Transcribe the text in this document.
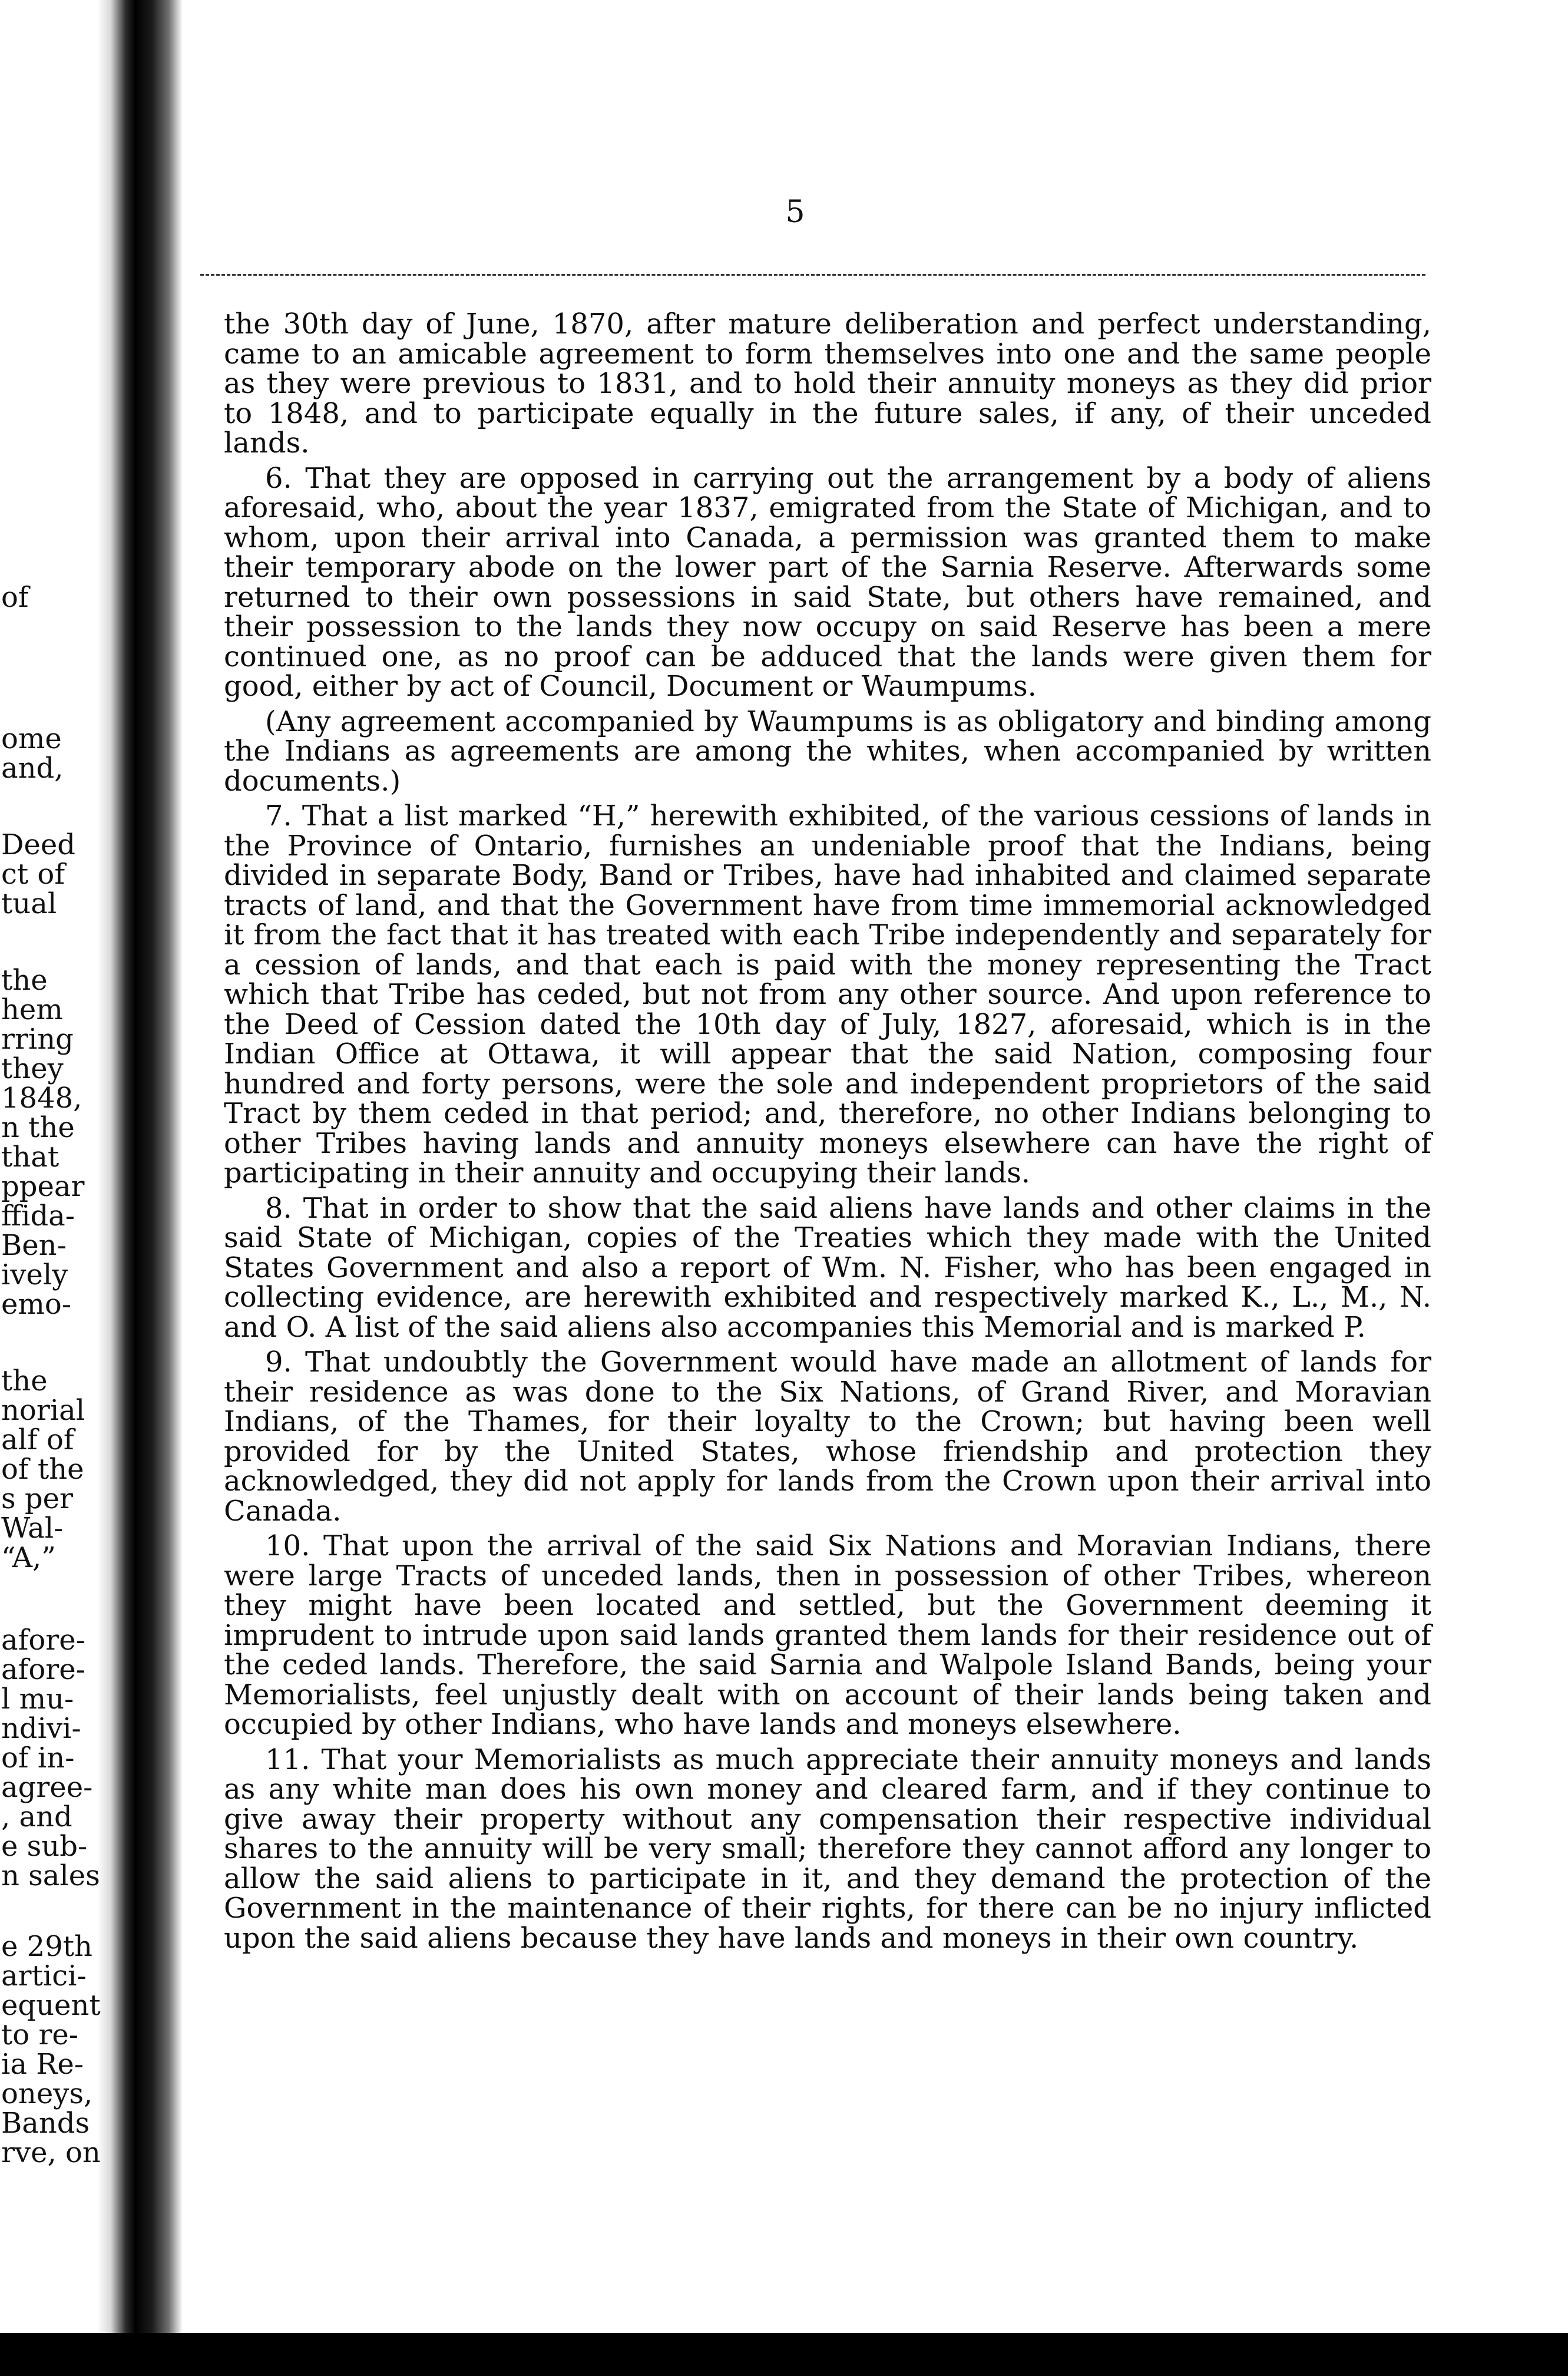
of
ome
and,
Deed
ct of
tual
the
hem
rring
they
1848,
n the
that
ppear
ffida-
Ben-
ively
emo-
the
norial
alf of
of the
s per
Wal-
“A,”
afore-
afore-
l mu-
ndivi-
of in-
agree-
, and
e sub-
n sales
e 29th
artici-
equent
to re-
ia Re-
oneys,
Bands
rve, on
5

the 30th day of June, 1870, after mature deliberation and perfect understanding, came to an amicable agreement to form themselves into one and the same people as they were previous to 1831, and to hold their annuity moneys as they did prior to 1848, and to participate equally in the future sales, if any, of their unceded lands.

6. That they are opposed in carrying out the arrangement by a body of aliens aforesaid, who, about the year 1837, emigrated from the State of Michigan, and to whom, upon their arrival into Canada, a permission was granted them to make their temporary abode on the lower part of the Sarnia Reserve. Afterwards some returned to their own possessions in said State, but others have remained, and their possession to the lands they now occupy on said Reserve has been a mere continued one, as no proof can be adduced that the lands were given them for good, either by act of Council, Document or Waumpums.

(Any agreement accompanied by Waumpums is as obligatory and binding among the Indians as agreements are among the whites, when accompanied by written documents.)

7. That a list marked “H,” herewith exhibited, of the various cessions of lands in the Province of Ontario, furnishes an undeniable proof that the Indians, being divided in separate Body, Band or Tribes, have had inhabited and claimed separate tracts of land, and that the Government have from time immemorial acknowledged it from the fact that it has treated with each Tribe independently and separately for a cession of lands, and that each is paid with the money representing the Tract which that Tribe has ceded, but not from any other source. And upon reference to the Deed of Cession dated the 10th day of July, 1827, aforesaid, which is in the Indian Office at Ottawa, it will appear that the said Nation, composing four hundred and forty persons, were the sole and independent proprietors of the said Tract by them ceded in that period; and, therefore, no other Indians belonging to other Tribes having lands and annuity moneys elsewhere can have the right of participating in their annuity and occupying their lands.

8. That in order to show that the said aliens have lands and other claims in the said State of Michigan, copies of the Treaties which they made with the United States Government and also a report of Wm. N. Fisher, who has been engaged in collecting evidence, are herewith exhibited and respectively marked K., L., M., N. and O. A list of the said aliens also accompanies this Memorial and is marked P.

9. That undoubtly the Government would have made an allotment of lands for their residence as was done to the Six Nations, of Grand River, and Moravian Indians, of the Thames, for their loyalty to the Crown; but having been well provided for by the United States, whose friendship and protection they acknowledged, they did not apply for lands from the Crown upon their arrival into Canada.

10. That upon the arrival of the said Six Nations and Moravian Indians, there were large Tracts of unceded lands, then in possession of other Tribes, whereon they might have been located and settled, but the Government deeming it imprudent to intrude upon said lands granted them lands for their residence out of the ceded lands. Therefore, the said Sarnia and Walpole Island Bands, being your Memorialists, feel unjustly dealt with on account of their lands being taken and occupied by other Indians, who have lands and moneys elsewhere.

11. That your Memorialists as much appreciate their annuity moneys and lands as any white man does his own money and cleared farm, and if they continue to give away their property without any compensation their respective individual shares to the annuity will be very small; therefore they cannot afford any longer to allow the said aliens to participate in it, and they demand the protection of the Government in the maintenance of their rights, for there can be no injury inflicted upon the said aliens because they have lands and moneys in their own country.
